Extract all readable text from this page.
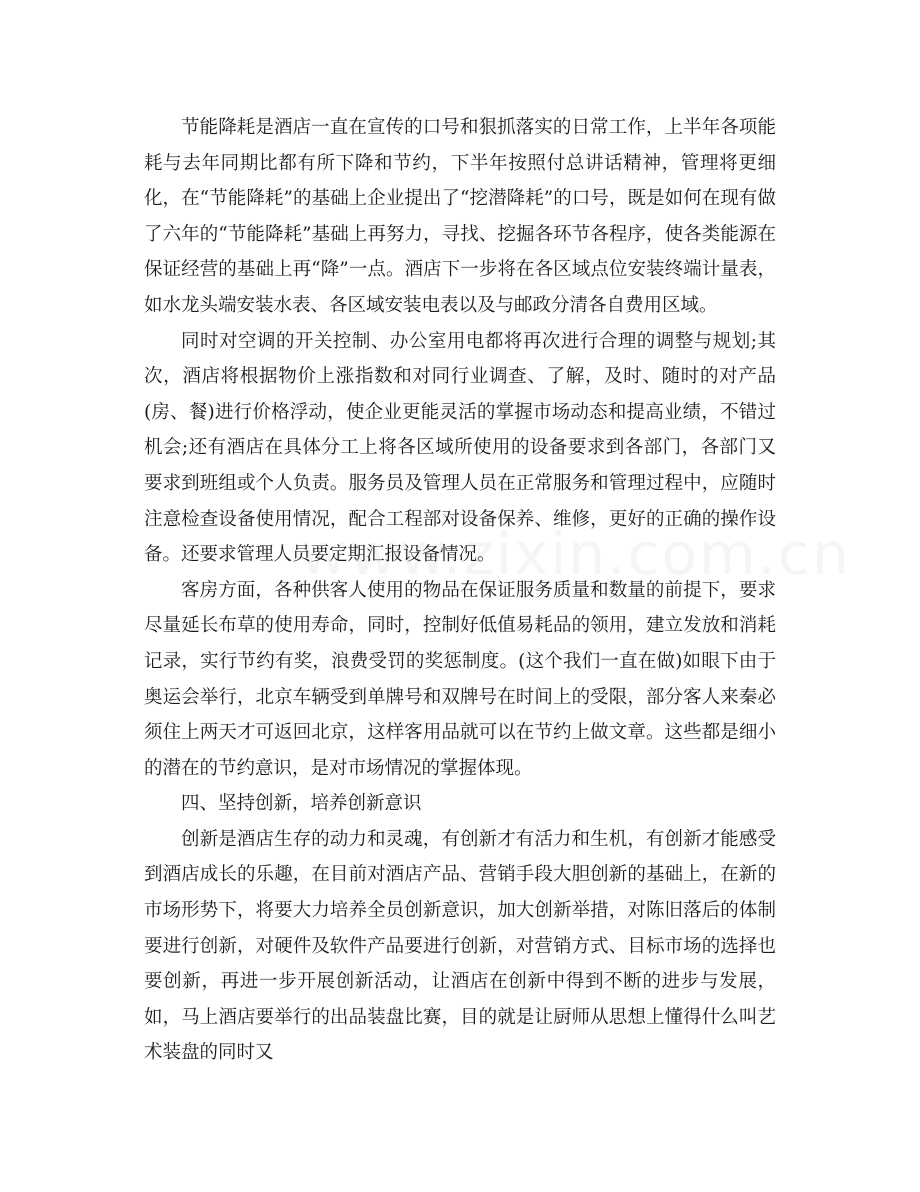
节能降耗是酒店一直在宣传的口号和狠抓落实的日常工作，上半年各项能耗与去年同期比都有所下降和节约，下半年按照付总讲话精神，管理将更细化，在“节能降耗”的基础上企业提出了“挖潜降耗”的口号，既是如何在现有做了六年的“节能降耗”基础上再努力，寻找、挖掘各环节各程序，使各类能源在保证经营的基础上再“降”一点。酒店下一步将在各区域点位安装终端计量表，如水龙头端安装水表、各区域安装电表以及与邮政分清各自费用区域。

同时对空调的开关控制、办公室用电都将再次进行合理的调整与规划;其次，酒店将根据物价上涨指数和对同行业调查、了解，及时、随时的对产品(房、餐)进行价格浮动，使企业更能灵活的掌握市场动态和提高业绩，不错过机会;还有酒店在具体分工上将各区域所使用的设备要求到各部门，各部门又要求到班组或个人负责。服务员及管理人员在正常服务和管理过程中，应随时注意检查设备使用情况，配合工程部对设备保养、维修，更好的正确的操作设备。还要求管理人员要定期汇报设备情况。

客房方面，各种供客人使用的物品在保证服务质量和数量的前提下，要求尽量延长布草的使用寿命，同时，控制好低值易耗品的领用，建立发放和消耗记录，实行节约有奖，浪费受罚的奖惩制度。(这个我们一直在做)如眼下由于奥运会举行，北京车辆受到单牌号和双牌号在时间上的受限，部分客人来秦必须住上两天才可返回北京，这样客用品就可以在节约上做文章。这些都是细小的潜在的节约意识，是对市场情况的掌握体现。

四、坚持创新，培养创新意识

创新是酒店生存的动力和灵魂，有创新才有活力和生机，有创新才能感受到酒店成长的乐趣，在目前对酒店产品、营销手段大胆创新的基础上，在新的市场形势下，将要大力培养全员创新意识，加大创新举措，对陈旧落后的体制要进行创新，对硬件及软件产品要进行创新，对营销方式、目标市场的选择也要创新，再进一步开展创新活动，让酒店在创新中得到不断的进步与发展，如，马上酒店要举行的出品装盘比赛，目的就是让厨师从思想上懂得什么叫艺术装盘的同时又
